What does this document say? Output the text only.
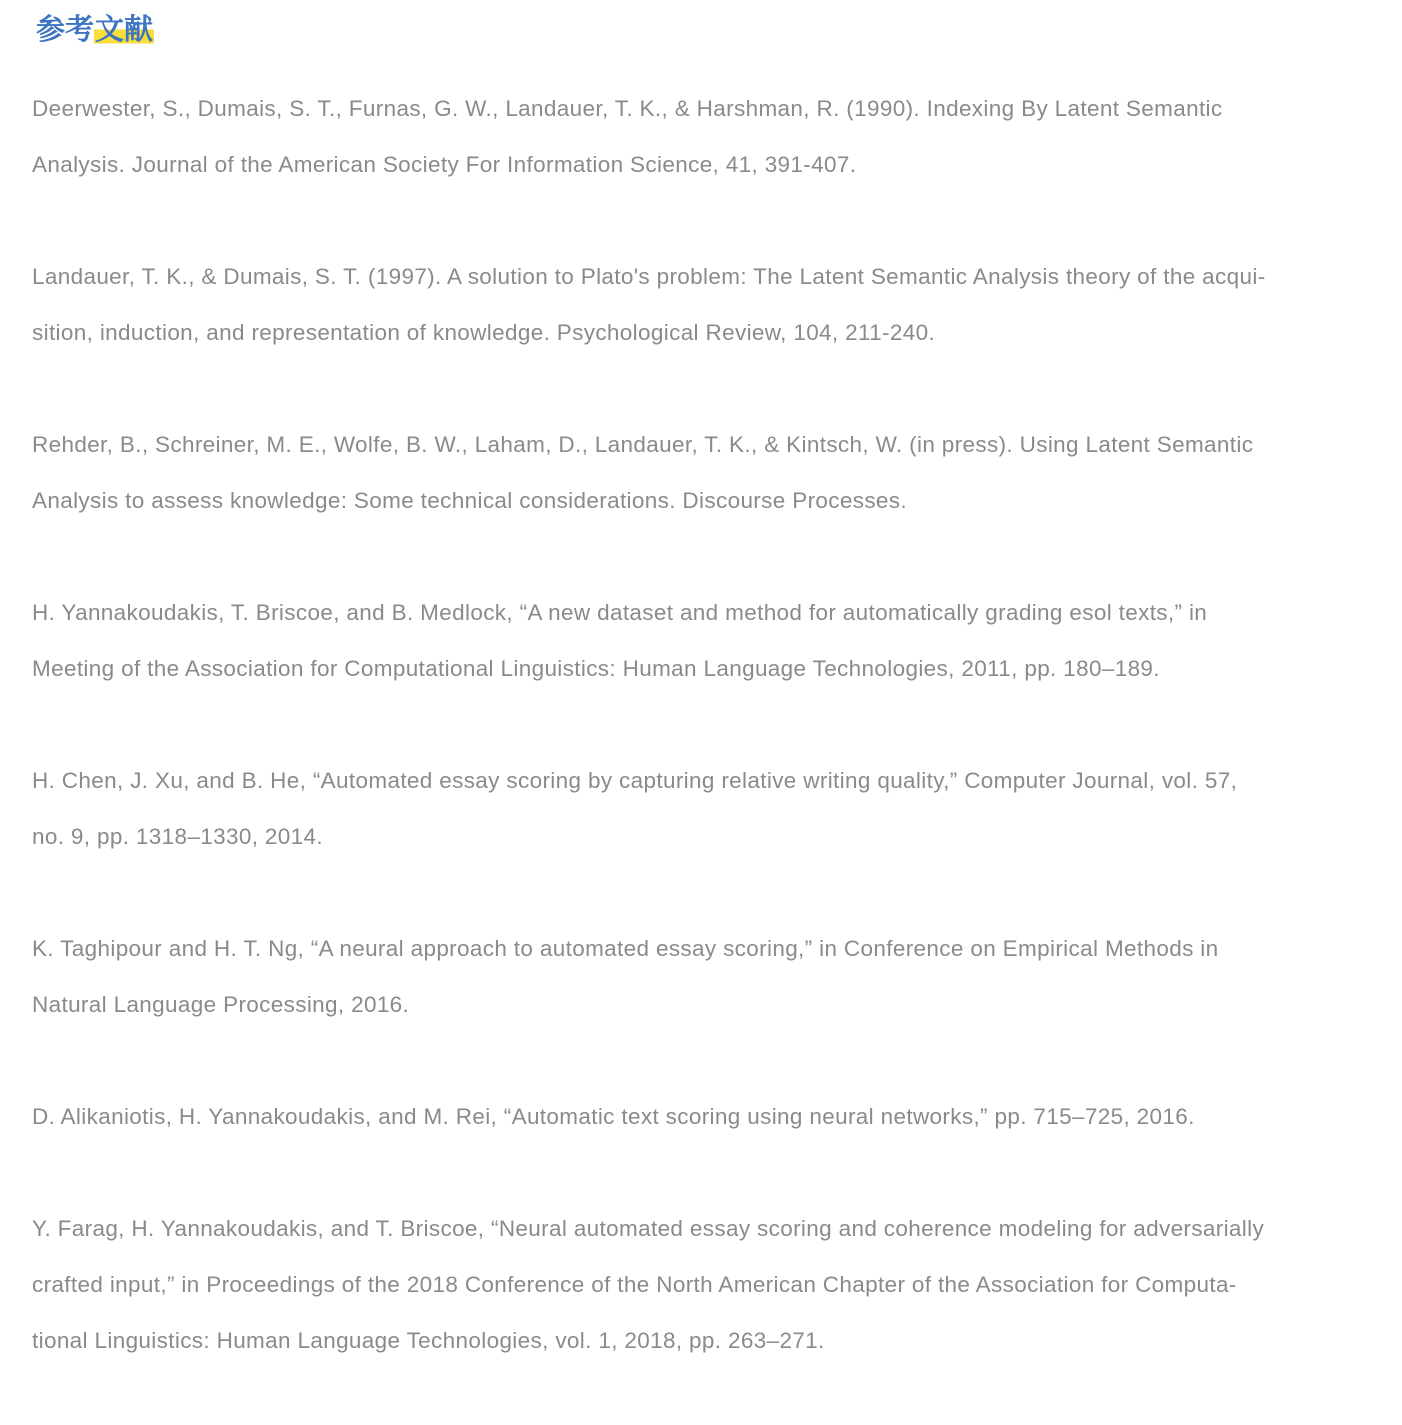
参考文献

Deerwester, S., Dumais, S. T., Furnas, G. W., Landauer, T. K., & Harshman, R. (1990). Indexing By Latent Semantic
Analysis. Journal of the American Society For Information Science, 41, 391-407.

Landauer, T. K., & Dumais, S. T. (1997). A solution to Plato's problem: The Latent Semantic Analysis theory of the acqui-
sition, induction, and representation of knowledge. Psychological Review, 104, 211-240.

Rehder, B., Schreiner, M. E., Wolfe, B. W., Laham, D., Landauer, T. K., & Kintsch, W. (in press). Using Latent Semantic
Analysis to assess knowledge: Some technical considerations. Discourse Processes.

H. Yannakoudakis, T. Briscoe, and B. Medlock, “A new dataset and method for automatically grading esol texts,” in
Meeting of the Association for Computational Linguistics: Human Language Technologies, 2011, pp. 180–189.

H. Chen, J. Xu, and B. He, “Automated essay scoring by capturing relative writing quality,” Computer Journal, vol. 57,
no. 9, pp. 1318–1330, 2014.

K. Taghipour and H. T. Ng, “A neural approach to automated essay scoring,” in Conference on Empirical Methods in
Natural Language Processing, 2016.

D. Alikaniotis, H. Yannakoudakis, and M. Rei, “Automatic text scoring using neural networks,” pp. 715–725, 2016.

Y. Farag, H. Yannakoudakis, and T. Briscoe, “Neural automated essay scoring and coherence modeling for adversarially
crafted input,” in Proceedings of the 2018 Conference of the North American Chapter of the Association for Computa-
tional Linguistics: Human Language Technologies, vol. 1, 2018, pp. 263–271.
